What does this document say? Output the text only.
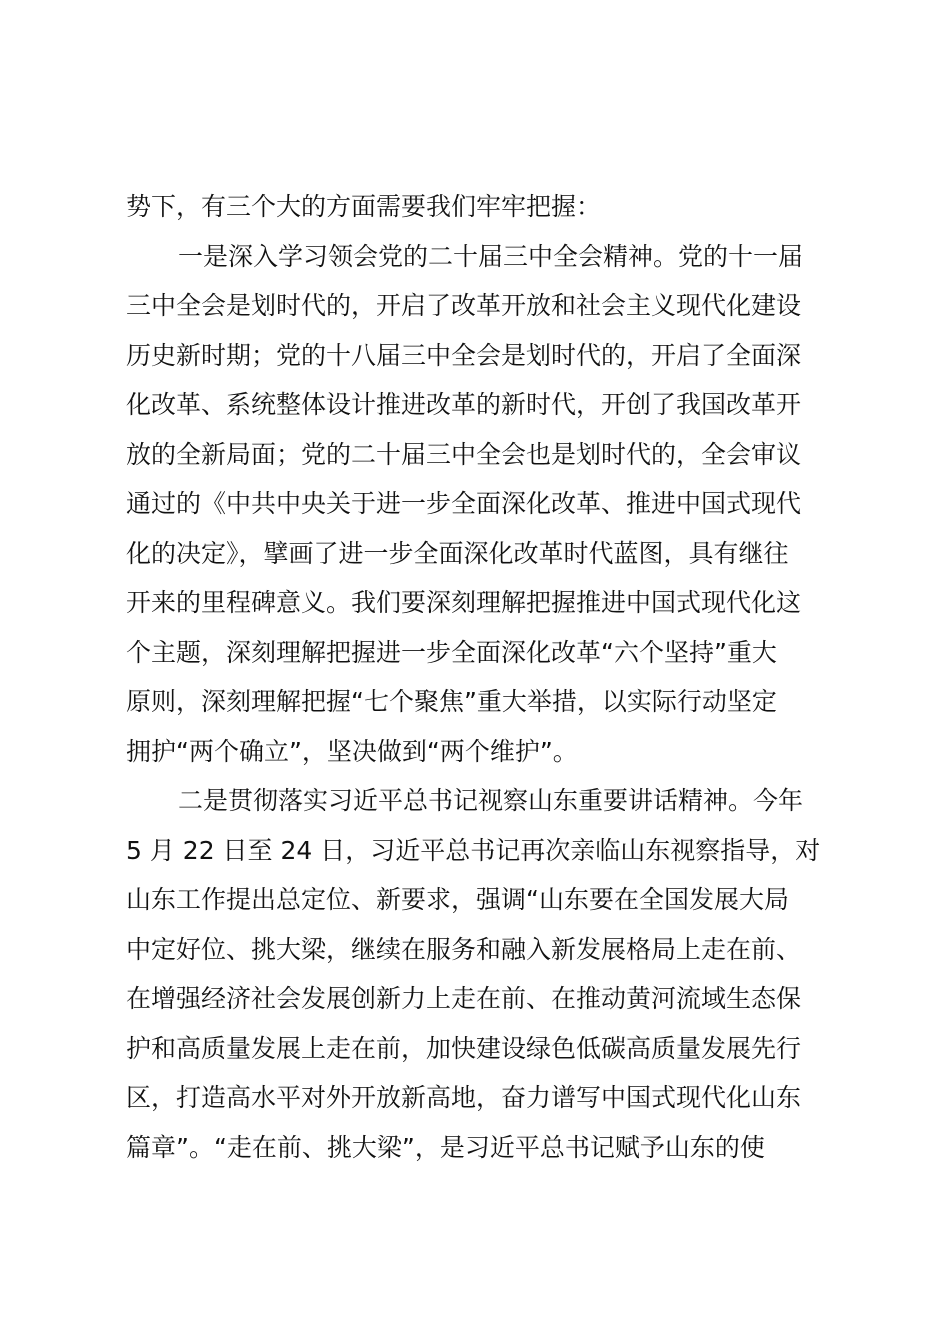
势下，有三个大的方面需要我们牢牢把握：
一是深入学习领会党的二十届三中全会精神。党的十一届
三中全会是划时代的，开启了改革开放和社会主义现代化建设
历史新时期；党的十八届三中全会是划时代的，开启了全面深
化改革、系统整体设计推进改革的新时代，开创了我国改革开
放的全新局面；党的二十届三中全会也是划时代的，全会审议
通过的《中共中央关于进一步全面深化改革、推进中国式现代
化的决定》，擘画了进一步全面深化改革时代蓝图，具有继往
开来的里程碑意义。我们要深刻理解把握推进中国式现代化这
个主题，深刻理解把握进一步全面深化改革“六个坚持”重大
原则，深刻理解把握“七个聚焦”重大举措，以实际行动坚定
拥护“两个确立”，坚决做到“两个维护”。
二是贯彻落实习近平总书记视察山东重要讲话精神。今年
5 月 22 日至 24 日，习近平总书记再次亲临山东视察指导，对
山东工作提出总定位、新要求，强调“山东要在全国发展大局
中定好位、挑大梁，继续在服务和融入新发展格局上走在前、
在增强经济社会发展创新力上走在前、在推动黄河流域生态保
护和高质量发展上走在前，加快建设绿色低碳高质量发展先行
区，打造高水平对外开放新高地，奋力谱写中国式现代化山东
篇章”。“走在前、挑大梁”，是习近平总书记赋予山东的使
